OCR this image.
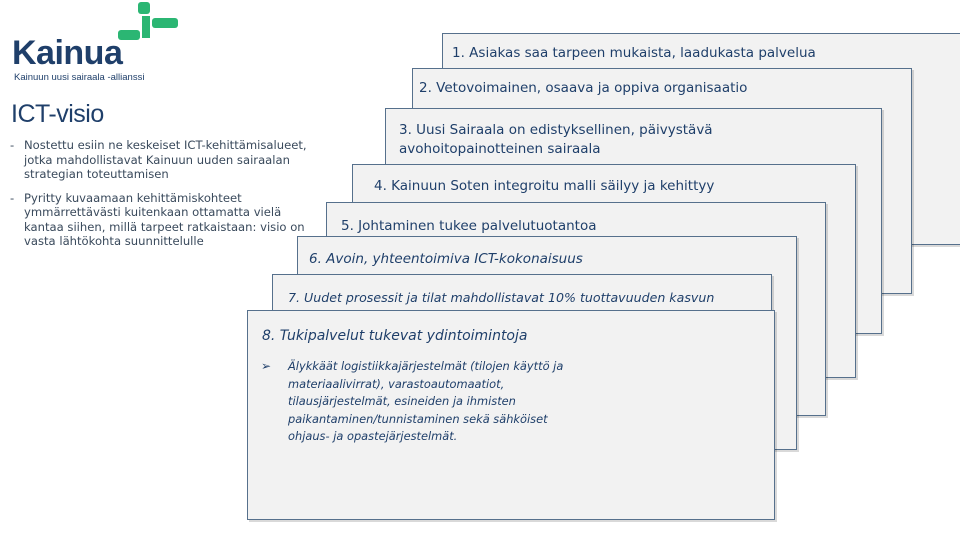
Kainua
Kainuun uusi sairaala -allianssi
ICT-visio
- Nostettu esiin ne keskeiset ICT-kehittämisalueet, jotka mahdollistavat Kainuun uuden sairaalan strategian toteuttamisen
- Pyritty kuvaamaan kehittämiskohteet ymmärrettävästi kuitenkaan ottamatta vielä kantaa siihen, millä tarpeet ratkaistaan: visio on vasta lähtökohta suunnittelulle
1. Asiakas saa tarpeen mukaista, laadukasta palvelua
2. Vetovoimainen, osaava ja oppiva organisaatio
3. Uusi Sairaala on edistyksellinen, päivystävä avohoitopainotteinen sairaala
4. Kainuun Soten integroitu malli säilyy ja kehittyy
5. Johtaminen tukee palvelutuotantoa
6. Avoin, yhteentoimiva ICT-kokonaisuus
7. Uudet prosessit ja tilat mahdollistavat 10% tuottavuuden kasvun
8. Tukipalvelut tukevat ydintoimintoja
➢ Älykkäät logistiikkajärjestelmät (tilojen käyttö ja materiaalivirrat), varastoautomaatiot, tilausjärjestelmät, esineiden ja ihmisten paikantaminen/tunnistaminen sekä sähköiset ohjaus- ja opastejärjestelmät.
